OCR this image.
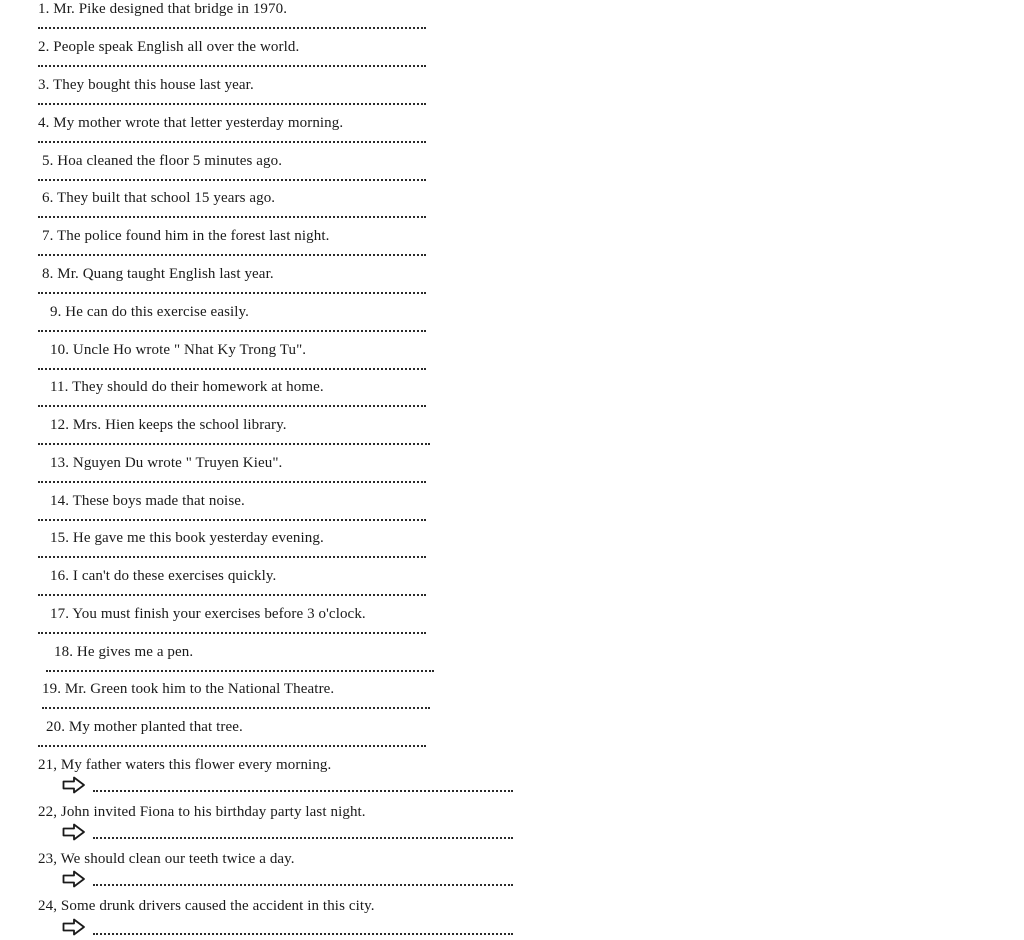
1. Mr. Pike designed that bridge in 1970.
2. People speak English all over the world.
3. They bought this house last year.
4. My mother wrote that letter yesterday morning.
5. Hoa cleaned the floor 5 minutes ago.
6. They built that school 15 years ago.
7. The police found him in the forest last night.
8. Mr. Quang taught English last year.
9. He can do this exercise easily.
10. Uncle Ho wrote " Nhat Ky Trong Tu".
11. They should do their homework at home.
12. Mrs. Hien keeps the school library.
13. Nguyen Du wrote " Truyen Kieu".
14. These boys made that noise.
15. He gave me this book yesterday evening.
16. I can't do these exercises quickly.
17. You must finish your exercises before 3 o'clock.
18. He gives me a pen.
19. Mr. Green took him to the National Theatre.
20. My mother planted that tree.
21, My father waters this flower every morning.
22, John invited Fiona to his birthday party last night.
23, We should clean our teeth twice a day.
24, Some drunk drivers caused the accident in this city.
